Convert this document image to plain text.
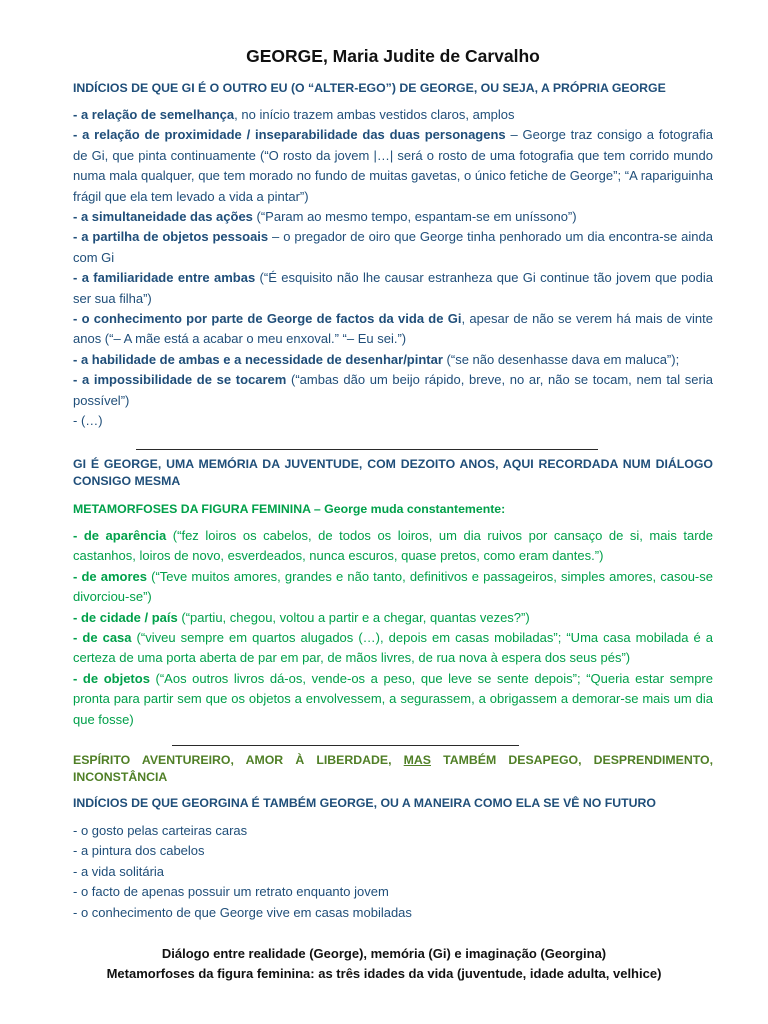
GEORGE, Maria Judite de Carvalho
INDÍCIOS DE QUE GI É O OUTRO EU (O “ALTER-EGO”) DE GEORGE, OU SEJA, A PRÓPRIA GEORGE

- a relação de semelhança, no início trazem ambas vestidos claros, amplos

- a relação de proximidade / inseparabilidade das duas personagens – George traz consigo a fotografia de Gi, que pinta continuamente (“O rosto da jovem |…| será o rosto de uma fotografia que tem corrido mundo numa mala qualquer, que tem morado no fundo de muitas gavetas, o único fetiche de George”; “A rapariguinha frágil que ela tem levado a vida a pintar”)

- a simultaneidade das ações (“Param ao mesmo tempo, espantam-se em uníssono”)

- a partilha de objetos pessoais – o pregador de oiro que George tinha penhorado um dia encontra-se ainda com Gi

- a familiaridade entre ambas (“É esquisito não lhe causar estranheza que Gi continue tão jovem que podia ser sua filha”)

- o conhecimento por parte de George de factos da vida de Gi, apesar de não se verem há mais de vinte anos (“– A mãe está a acabar o meu enxoval.” “– Eu sei.”)

- a habilidade de ambas e a necessidade de desenhar/pintar (“se não desenhasse dava em maluca”);

- a impossibilidade de se tocarem (“ambas dão um beijo rápido, breve, no ar, não se tocam, nem tal seria possível”)

- (…)

GI É GEORGE, UMA MEMÓRIA DA JUVENTUDE, COM DEZOITO ANOS, AQUI RECORDADA NUM DIÁLOGO CONSIGO MESMA
METAMORFOSES DA FIGURA FEMININA – George muda constantemente:

- de aparência (“fez loiros os cabelos, de todos os loiros, um dia ruivos por cansaço de si, mais tarde castanhos, loiros de novo, esverdeados, nunca escuros, quase pretos, como eram dantes.”)

- de amores (“Teve muitos amores, grandes e não tanto, definitivos e passageiros, simples amores, casou-se divorciou-se”)

- de cidade / país (“partiu, chegou, voltou a partir e a chegar, quantas vezes?”)

- de casa (“viveu sempre em quartos alugados (…), depois em casas mobiladas”; “Uma casa mobilada é a certeza de uma porta aberta de par em par, de mãos livres, de rua nova à espera dos seus pés”)

- de objetos (“Aos outros livros dá-os, vende-os a peso, que leve se sente depois”; “Queria estar sempre pronta para partir sem que os objetos a envolvessem, a segurassem, a obrigassem a demorar-se mais um dia que fosse)

ESPÍRITO AVENTUREIRO, AMOR À LIBERDADE, MAS TAMBÉM DESAPEGO, DESPRENDIMENTO, INCONSTÂNCIA
INDÍCIOS DE QUE GEORGINA É TAMBÉM GEORGE, OU A MANEIRA COMO ELA SE VÊ NO FUTURO

- o gosto pelas carteiras caras

- a pintura dos cabelos

- a vida solitária

- o facto de apenas possuir um retrato enquanto jovem

- o conhecimento de que George vive em casas mobiladas

Diálogo entre realidade (George), memória (Gi) e imaginação (Georgina)
Metamorfoses da figura feminina: as três idades da vida (juventude, idade adulta, velhice)
